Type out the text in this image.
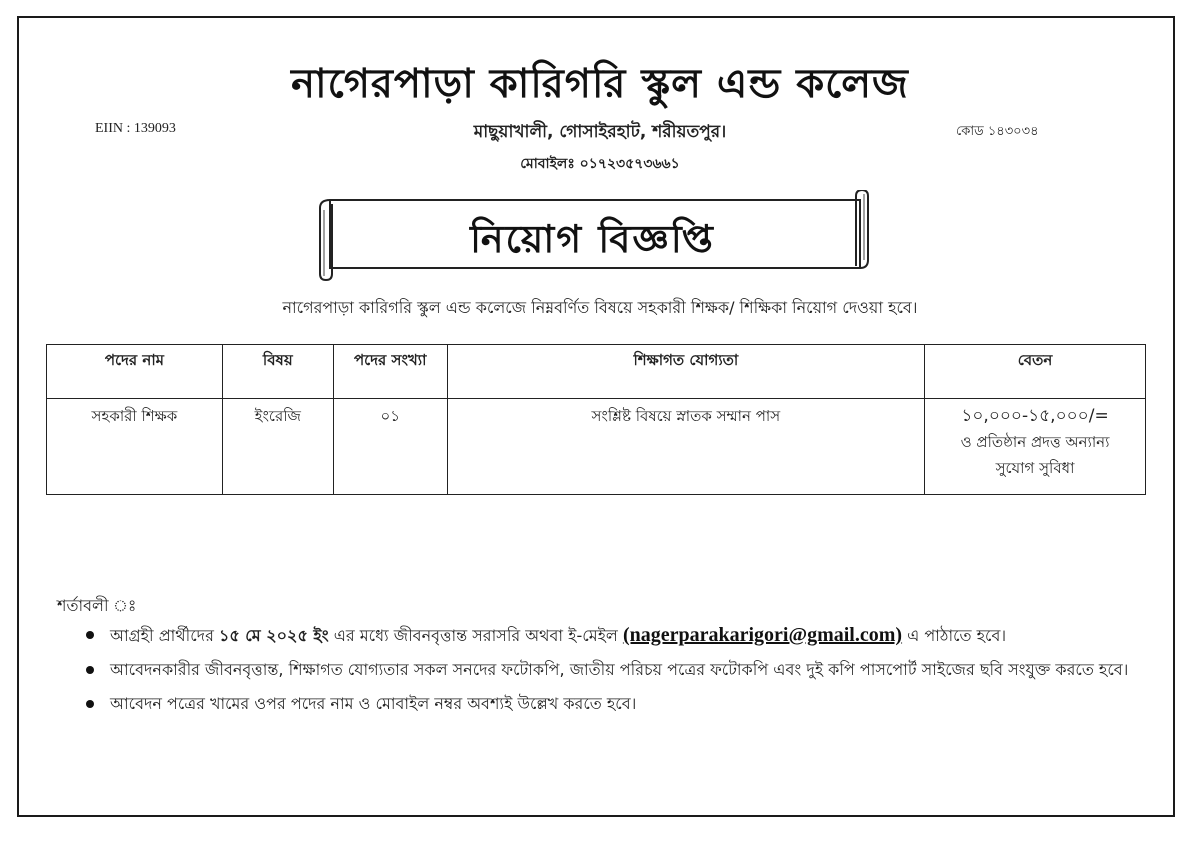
নাগেরপাড়া কারিগরি স্কুল এন্ড কলেজ
EIIN : 139093	মাছুয়াখালী, গোসাইরহাট, শরীয়তপুর।	কোড ১৪৩০৩৪
মোবাইলঃ ০১৭২৩৫৭৩৬৬১
নিয়োগ বিজ্ঞপ্তি
নাগেরপাড়া কারিগরি স্কুল এন্ড কলেজে নিম্নবর্ণিত বিষয়ে সহকারী শিক্ষক/ শিক্ষিকা নিয়োগ দেওয়া হবে।
পদের নাম	বিষয়	পদের সংখ্যা	শিক্ষাগত যোগ্যতা	বেতন
সহকারী শিক্ষক	ইংরেজি	০১	সংশ্লিষ্ট বিষয়ে স্নাতক সম্মান পাস	১০,০০০-১৫,০০০/=
ও প্রতিষ্ঠান প্রদত্ত অন্যান্য
সুযোগ সুবিধা
শর্তাবলী ঃ
আগ্রহী প্রার্থীদের ১৫ মে ২০২৫ ইং এর মধ্যে জীবনবৃত্তান্ত সরাসরি অথবা ই-মেইল (nagerparakarigori@gmail.com) এ পাঠাতে হবে।
আবেদনকারীর জীবনবৃত্তান্ত, শিক্ষাগত যোগ্যতার সকল সনদের ফটোকপি, জাতীয় পরিচয় পত্রের ফটোকপি এবং দুই কপি পাসপোর্ট সাইজের ছবি সংযুক্ত করতে হবে।
আবেদন পত্রের খামের ওপর পদের নাম ও মোবাইল নম্বর অবশ্যই উল্লেখ করতে হবে।
